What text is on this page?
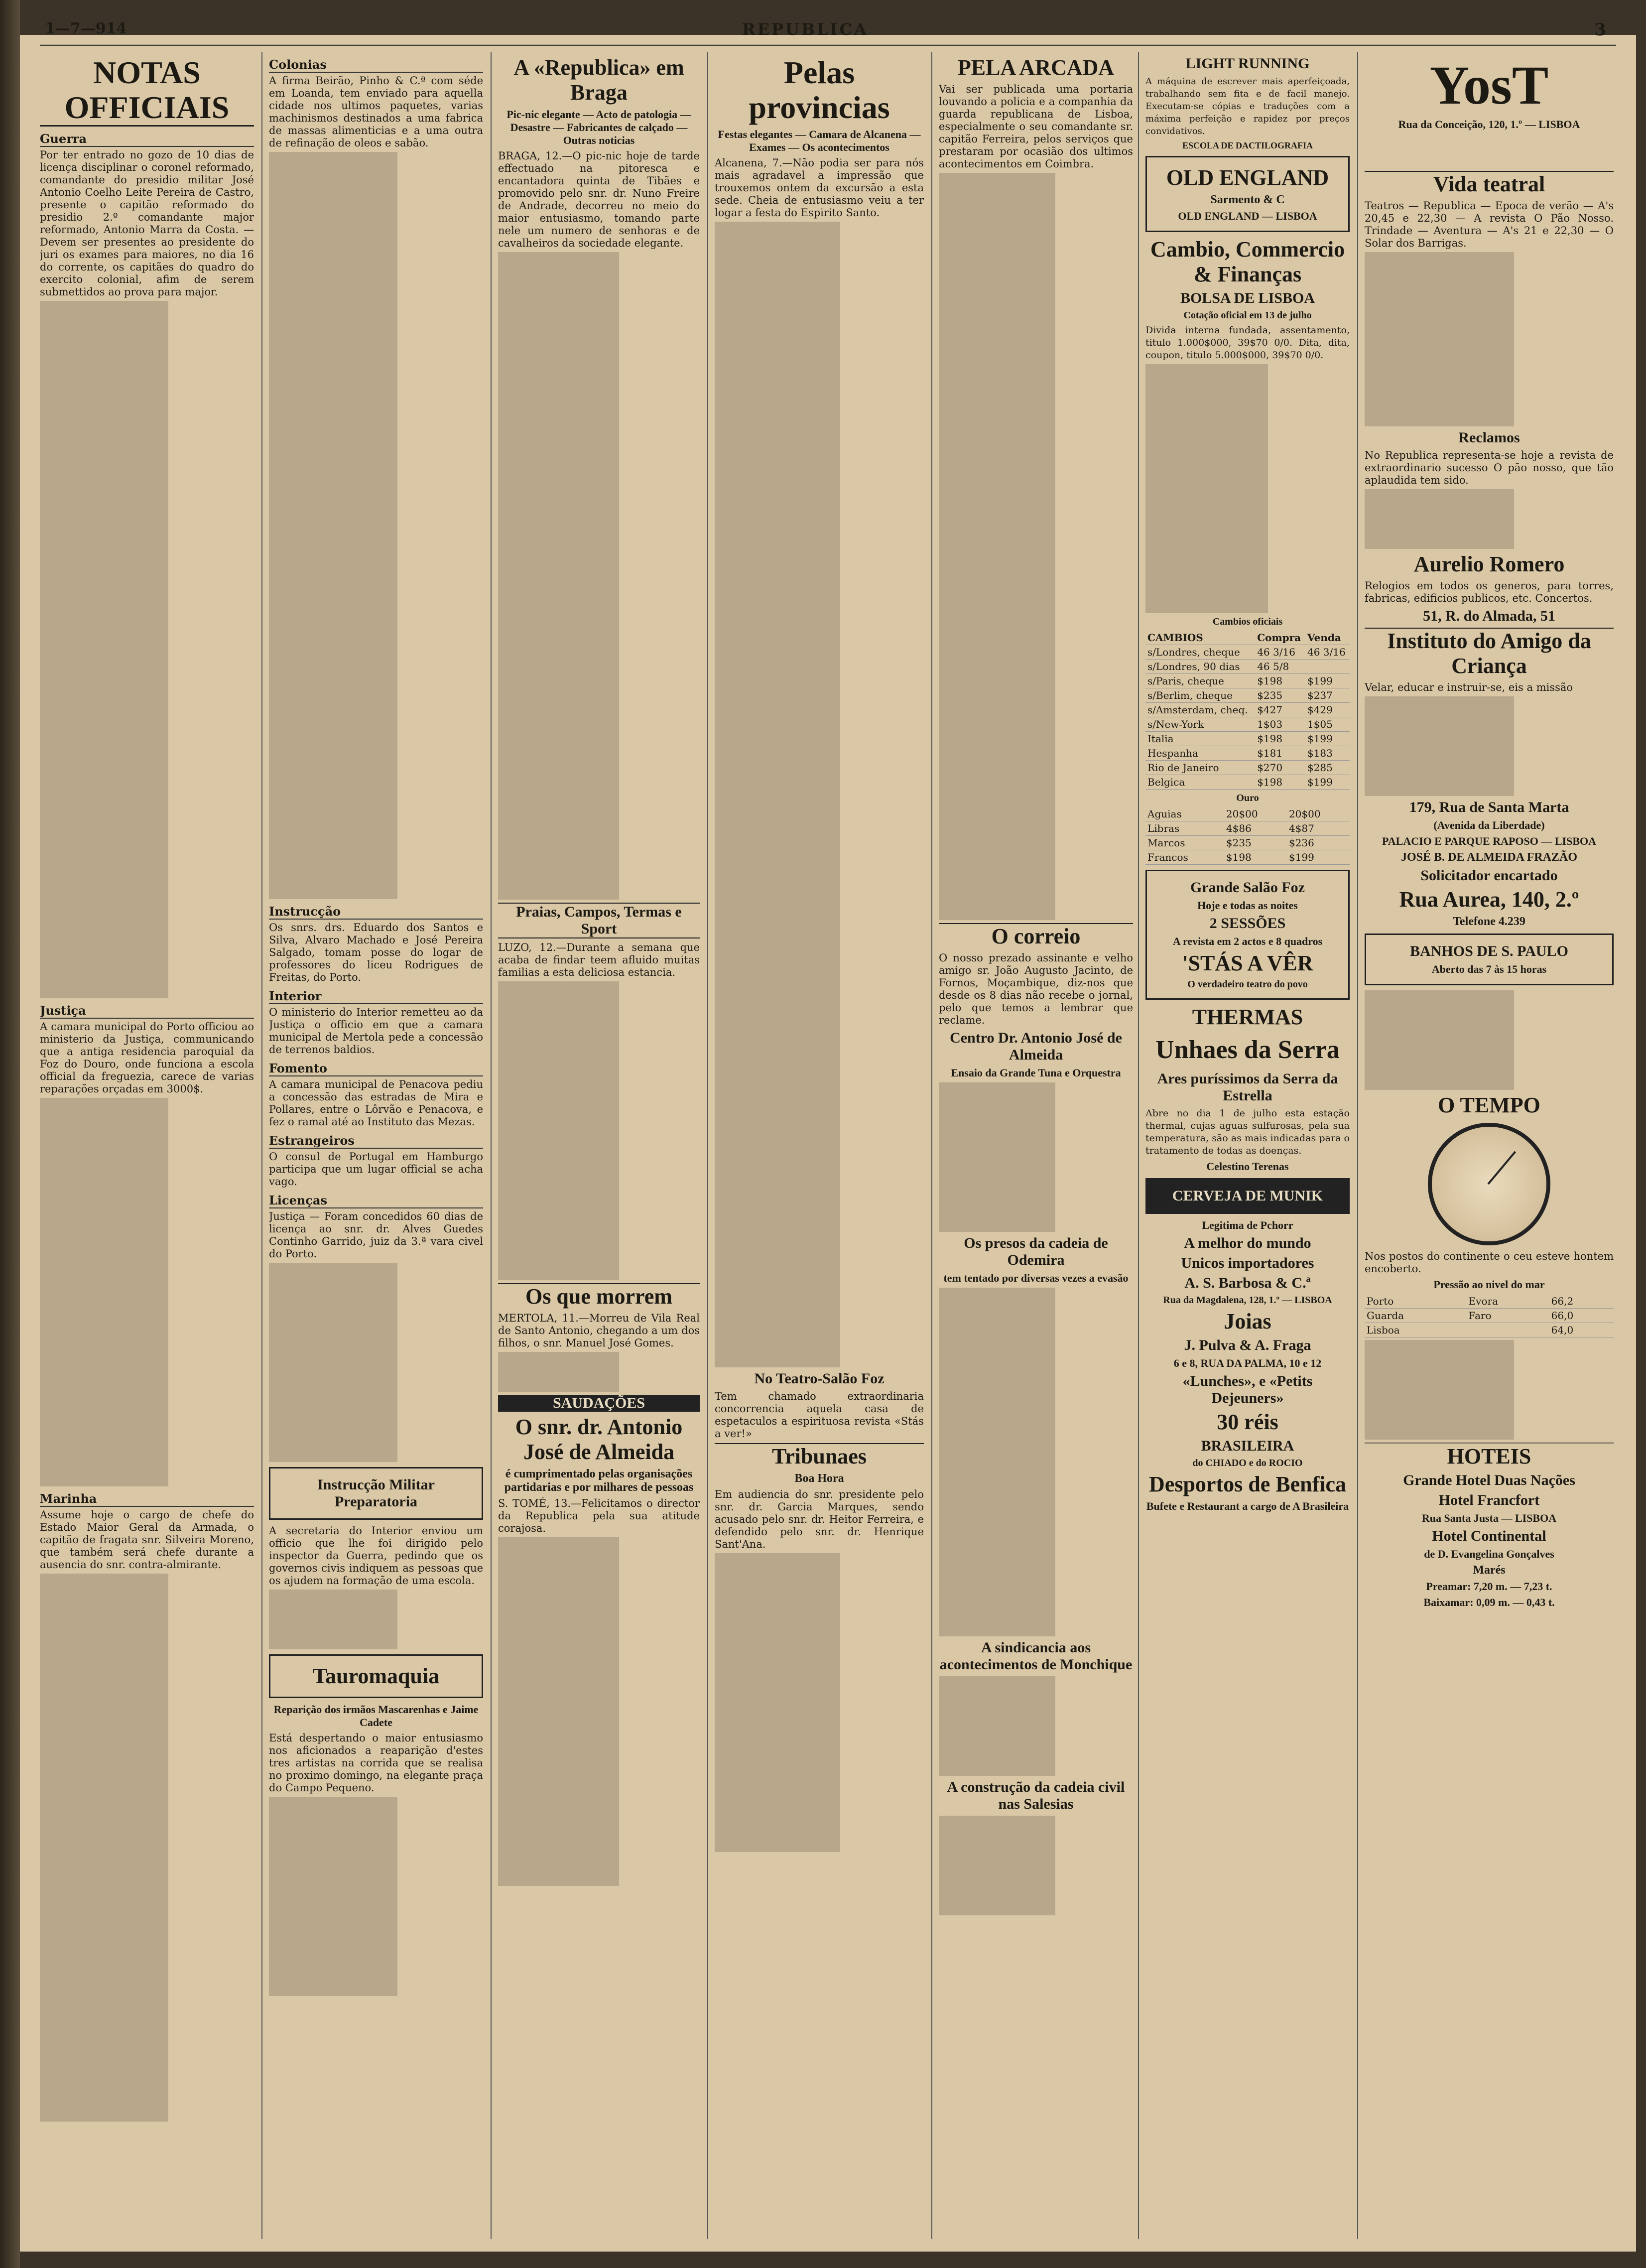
1—7—914	REPUBLICA	3
NOTAS OFFICIAIS
Guerra

Por ter entrado no gozo de 10 dias de licença disciplinar o coronel reformado, comandante do presidio militar José Antonio Coelho Leite Pereira de Castro, presente o capitão reformado do presidio 2.º comandante major reformado, Antonio Marra da Costa. — Devem ser presentes ao presidente do juri os exames para maiores, no dia 16 do corrente, os capitães do quadro do exercito colonial, afim de serem submettidos ao prova para major.

Justiça

A camara municipal do Porto officiou ao ministerio da Justiça, communicando que a antiga residencia paroquial da Foz do Douro, onde funciona a escola official da freguezia, carece de varias reparações orçadas em 3000$.

Marinha

Assume hoje o cargo de chefe do Estado Maior Geral da Armada, o capitão de fragata snr. Silveira Moreno, que também será chefe durante a ausencia do snr. contra-almirante.

Colonias

A firma Beirão, Pinho & C.ª com séde em Loanda, tem enviado para aquella cidade nos ultimos paquetes, varias machinismos destinados a uma fabrica de massas alimenticias e a uma outra de refinação de oleos e sabão.

Instrucção

Os snrs. drs. Eduardo dos Santos e Silva, Alvaro Machado e José Pereira Salgado, tomam posse do logar de professores do liceu Rodrigues de Freitas, do Porto.

Interior

O ministerio do Interior remetteu ao da Justiça o officio em que a camara municipal de Mertola pede a concessão de terrenos baldios.

Fomento

A camara municipal de Penacova pediu a concessão das estradas de Mira e Pollares, entre o Lôrvão e Penacova, e fez o ramal até ao Instituto das Mezas.

Estrangeiros

O consul de Portugal em Hamburgo participa que um lugar official se acha vago.

Licenças

Justiça — Foram concedidos 60 dias de licença ao snr. dr. Alves Guedes Continho Garrido, juiz da 3.ª vara civel do Porto.

Instrucção Militar Preparatoria

A secretaria do Interior enviou um officio que lhe foi dirigido pelo inspector da Guerra, pedindo que os governos civis indiquem as pessoas que os ajudem na formação de uma escola.

Tauromaquia
Reparição dos irmãos Mascarenhas e Jaime Cadete

Está despertando o maior entusiasmo nos aficionados a reaparição d'estes tres artistas na corrida que se realisa no proximo domingo, na elegante praça do Campo Pequeno.

A «Republica» em Braga
Pic-nic elegante — Acto de patologia — Desastre — Fabricantes de calçado — Outras noticias

BRAGA, 12.—O pic-nic hoje de tarde effectuado na pitoresca e encantadora quinta de Tibães e promovido pelo snr. dr. Nuno Freire de Andrade, decorreu no meio do maior entusiasmo, tomando parte nele um numero de senhoras e de cavalheiros da sociedade elegante.

Praias, Campos, Termas e Sport

LUZO, 12.—Durante a semana que acaba de findar teem afluido muitas familias a esta deliciosa estancia.

Os que morrem

MERTOLA, 11.—Morreu de Vila Real de Santo Antonio, chegando a um dos filhos, o snr. Manuel José Gomes.

SAUDAÇÕES
O snr. dr. Antonio José de Almeida
é cumprimentado pelas organisações partidarias e por milhares de pessoas

S. TOMÉ, 13.—Felicitamos o director da Republica pela sua atitude corajosa.

Pelas provincias
Festas elegantes — Camara de Alcanena — Exames — Os acontecimentos

Alcanena, 7.—Não podia ser para nós mais agradavel a impressão que trouxemos ontem da excursão a esta sede. Cheia de entusiasmo veiu a ter logar a festa do Espirito Santo.

No Teatro-Salão Foz

Tem chamado extraordinaria concorrencia aquela casa de espetaculos a espirituosa revista «Stás a ver!»

Tribunaes
Boa Hora

Em audiencia do snr. presidente pelo snr. dr. Garcia Marques, sendo acusado pelo snr. dr. Heitor Ferreira, e defendido pelo snr. dr. Henrique Sant'Ana.

PELA ARCADA

Vai ser publicada uma portaria louvando a policia e a companhia da guarda republicana de Lisboa, especialmente o seu comandante sr. capitão Ferreira, pelos serviços que prestaram por ocasião dos ultimos acontecimentos em Coimbra.

O correio

O nosso prezado assinante e velho amigo sr. João Augusto Jacinto, de Fornos, Moçambique, diz-nos que desde os 8 dias não recebe o jornal, pelo que temos a lembrar que reclame.

Centro Dr. Antonio José de Almeida
Ensaio da Grande Tuna e Orquestra
Os presos da cadeia de Odemira
tem tentado por diversas vezes a evasão
A sindicancia aos acontecimentos de Monchique
A construção da cadeia civil nas Salesias
LIGHT RUNNING

A máquina de escrever mais aperfeiçoada, trabalhando sem fita e de facil manejo. Executam-se cópias e traduções com a máxima perfeição e rapidez por preços convidativos.

ESCOLA DE DACTILOGRAFIA
OLD ENGLAND
Sarmento & C
OLD ENGLAND — LISBOA
Cambio, Commercio & Finanças
BOLSA DE LISBOA
Cotação oficial em 13 de julho

Divida interna fundada, assentamento, titulo 1.000$000, 39$70 0/0. Dita, dita, coupon, titulo 5.000$000, 39$70 0/0.

Cambios oficiais
CAMBIOS	Compra	Venda
s/Londres, cheque	46 3/16	46 3/16
s/Londres, 90 dias	46 5/8	
s/Paris, cheque	$198	$199
s/Berlim, cheque	$235	$237
s/Amsterdam, cheq.	$427	$429
s/New-York	1$03	1$05
Italia	$198	$199
Hespanha	$181	$183
Rio de Janeiro	$270	$285
Belgica	$198	$199
Ouro
Aguias	20$00	20$00
Libras	4$86	4$87
Marcos	$235	$236
Francos	$198	$199
Grande Salão Foz
Hoje e todas as noites
2 SESSÕES
A revista em 2 actos e 8 quadros
'STÁS A VÊR
O verdadeiro teatro do povo
THERMAS
Unhaes da Serra
Ares puríssimos da Serra da Estrella

Abre no dia 1 de julho esta estação thermal, cujas aguas sulfurosas, pela sua temperatura, são as mais indicadas para o tratamento de todas as doenças.

Celestino Terenas
CERVEJA DE MUNIK
Legitima de Pchorr
A melhor do mundo
Unicos importadores
A. S. Barbosa & C.ª
Rua da Magdalena, 128, 1.º — LISBOA
Joias
J. Pulva & A. Fraga
6 e 8, RUA DA PALMA, 10 e 12
«Lunches», e «Petits Dejeuners»
30 réis
BRASILEIRA
do CHIADO e do ROCIO
Desportos de Benfica
Bufete e Restaurant a cargo de A Brasileira
YosT
Rua da Conceição, 120, 1.º — LISBOA
Vida teatral

Teatros — Republica — Epoca de verão — A's 20,45 e 22,30 — A revista O Pão Nosso. Trindade — Aventura — A's 21 e 22,30 — O Solar dos Barrigas.

Reclamos

No Republica representa-se hoje a revista de extraordinario sucesso O pão nosso, que tão aplaudida tem sido.

Aurelio Romero

Relogios em todos os generos, para torres, fabricas, edificios publicos, etc. Concertos.

51, R. do Almada, 51
Instituto do Amigo da Criança

Velar, educar e instruir-se, eis a missão

179, Rua de Santa Marta
(Avenida da Liberdade)
PALACIO E PARQUE RAPOSO — LISBOA
JOSÉ B. DE ALMEIDA FRAZÃO
Solicitador encartado
Rua Aurea, 140, 2.º
Telefone 4.239
BANHOS DE S. PAULO
Aberto das 7 às 15 horas
O TEMPO

Nos postos do continente o ceu esteve hontem encoberto.

Pressão ao nivel do mar
Porto	Evora	66,2
Guarda	Faro	66,0
Lisboa		64,0
HOTEIS
Grande Hotel Duas Nações
Hotel Francfort
Rua Santa Justa — LISBOA
Hotel Continental
de D. Evangelina Gonçalves
Marés
Preamar: 7,20 m. — 7,23 t.
Baixamar: 0,09 m. — 0,43 t.
